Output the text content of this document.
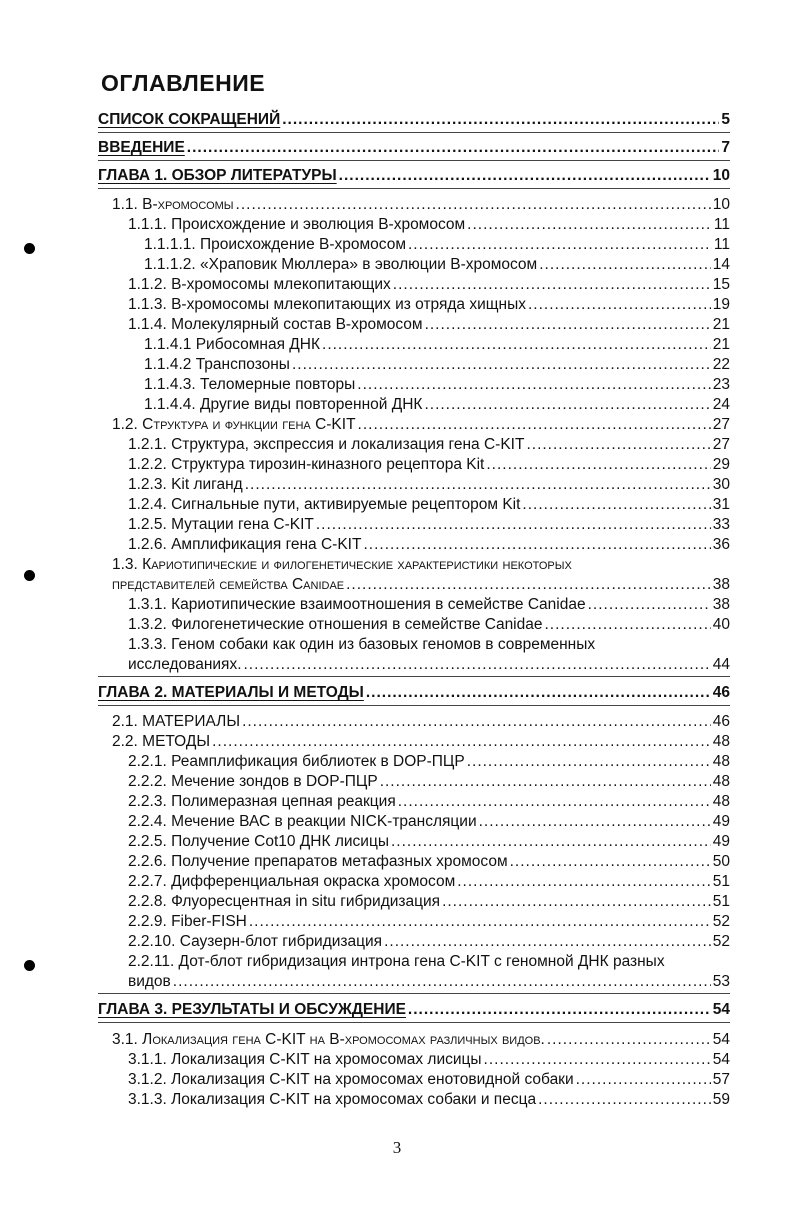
ОГЛАВЛЕНИЕ
СПИСОК СОКРАЩЕНИЙ .....	5
ВВЕДЕНИЕ .....	7
ГЛАВА 1. ОБЗОР ЛИТЕРАТУРЫ .....	10
1.1. В-хромосомы .....	10
1.1.1. Происхождение и эволюция В-хромосом .....	11
1.1.1.1. Происхождение В-хромосом .....	11
1.1.1.2. «Храповик Мюллера» в эволюции В-хромосом .....	14
1.1.2. В-хромосомы млекопитающих .....	15
1.1.3. В-хромосомы млекопитающих из отряда хищных .....	19
1.1.4. Молекулярный состав В-хромосом .....	21
1.1.4.1 Рибосомная ДНК .....	21
1.1.4.2 Транспозоны .....	22
1.1.4.3. Теломерные повторы .....	23
1.1.4.4. Другие виды повторенной ДНК .....	24
1.2. Структура и функции гена C-KIT .....	27
1.2.1. Структура, экспрессия и локализация гена C-KIT .....	27
1.2.2. Структура тирозин-киназного рецептора Kit .....	29
1.2.3. Kit лиганд .....	30
1.2.4. Сигнальные пути, активируемые рецептором Kit .....	31
1.2.5. Мутации гена C-KIT .....	33
1.2.6. Амплификация гена C-KIT .....	36
1.3. Кариотипические и филогенетические характеристики некоторых
представителей семейства Canidae .....	38
1.3.1. Кариотипические взаимоотношения в семействе Canidae .....	38
1.3.2. Филогенетические отношения в семействе Canidae .....	40
1.3.3. Геном собаки как один из базовых геномов в современных
исследованиях. .....	44
ГЛАВА 2. МАТЕРИАЛЫ И МЕТОДЫ .....	46
2.1. МАТЕРИАЛЫ .....	46
2.2. МЕТОДЫ .....	48
2.2.1. Реамплификация библиотек в DOP-ПЦР .....	48
2.2.2. Мечение зондов в DOP-ПЦР .....	48
2.2.3. Полимеразная цепная реакция .....	48
2.2.4. Мечение ВАС в реакции NICK-трансляции .....	49
2.2.5. Получение Cot10 ДНК лисицы .....	49
2.2.6. Получение препаратов метафазных хромосом .....	50
2.2.7. Дифференциальная окраска хромосом .....	51
2.2.8. Флуоресцентная in situ гибридизация .....	51
2.2.9. Fiber-FISH .....	52
2.2.10. Саузерн-блот гибридизация .....	52
2.2.11. Дот-блот гибридизация интрона гена C-KIT с геномной ДНК разных
видов .....	53
ГЛАВА 3. РЕЗУЛЬТАТЫ И ОБСУЖДЕНИЕ .....	54
3.1. Локализация гена C-KIT на В-хромосомах различных видов. .....	54
3.1.1. Локализация C-KIT на хромосомах лисицы .....	54
3.1.2. Локализация C-KIT на хромосомах енотовидной собаки .....	57
3.1.3. Локализация C-KIT на хромосомах собаки и песца .....	59
3
